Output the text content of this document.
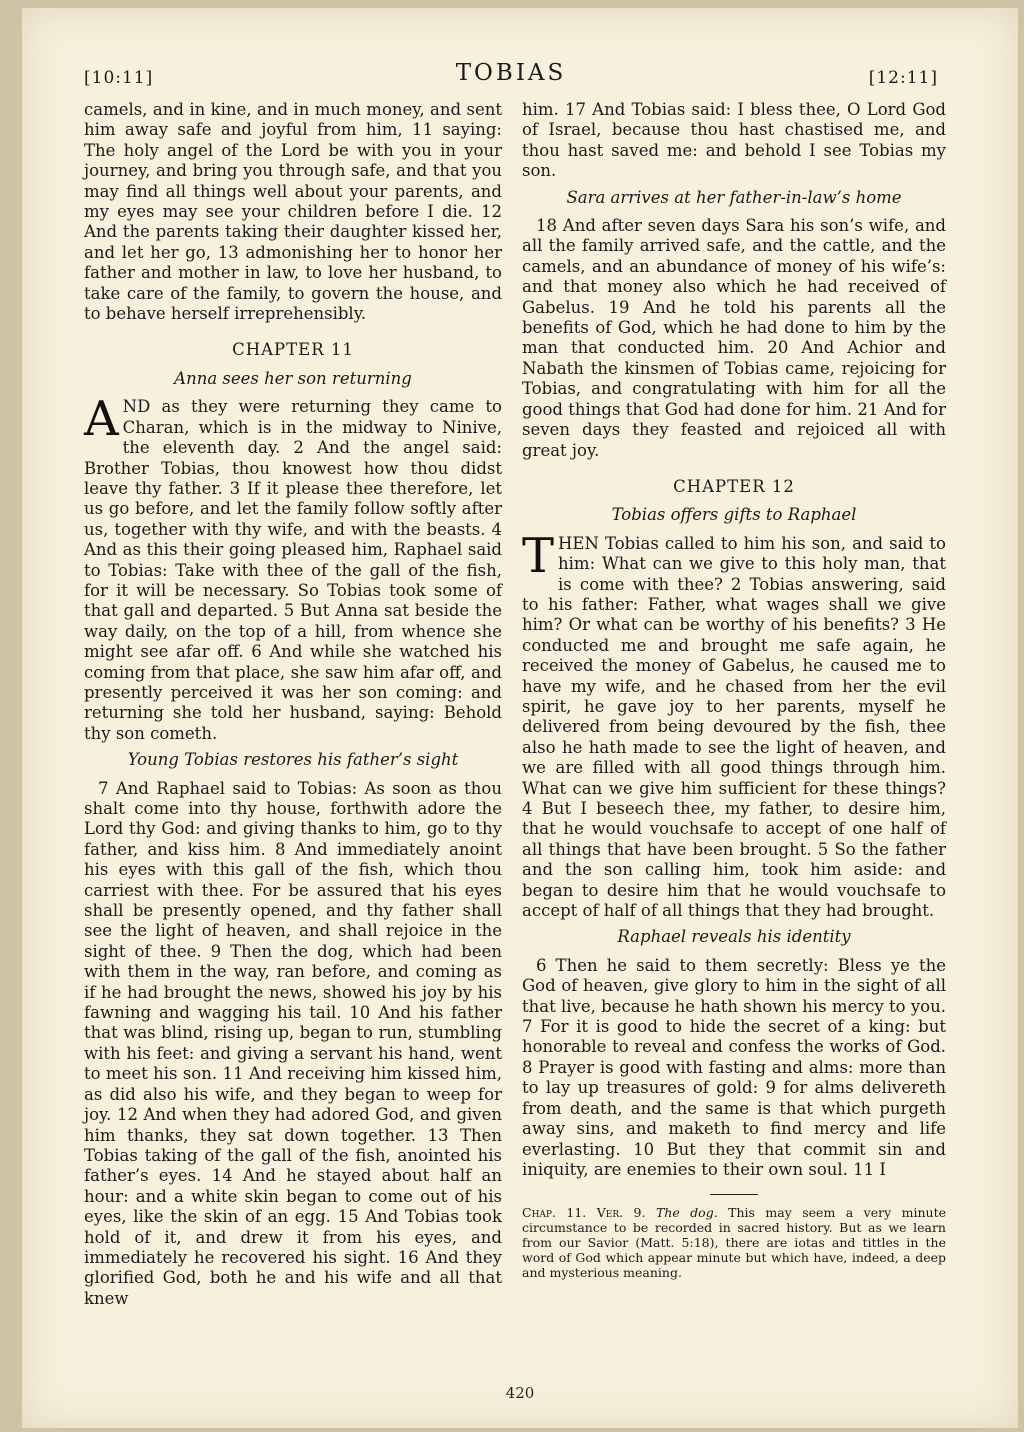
[10:11]	TOBIAS	[12:11]

camels, and in kine, and in much money, and sent him away safe and joyful from him, 11 saying: The holy angel of the Lord be with you in your journey, and bring you through safe, and that you may find all things well about your parents, and my eyes may see your children before I die. 12 And the parents taking their daughter kissed her, and let her go, 13 admonishing her to honor her father and mother in law, to love her husband, to take care of the family, to govern the house, and to behave herself irreprehensibly.

CHAPTER 11
Anna sees her son returning

AND as they were returning they came to Charan, which is in the midway to Ninive, the eleventh day. 2 And the angel said: Brother Tobias, thou knowest how thou didst leave thy father. 3 If it please thee therefore, let us go before, and let the family follow softly after us, together with thy wife, and with the beasts. 4 And as this their going pleased him, Raphael said to Tobias: Take with thee of the gall of the fish, for it will be necessary. So Tobias took some of that gall and departed. 5 But Anna sat beside the way daily, on the top of a hill, from whence she might see afar off. 6 And while she watched his coming from that place, she saw him afar off, and presently perceived it was her son coming: and returning she told her husband, saying: Behold thy son cometh.

Young Tobias restores his father’s sight

7 And Raphael said to Tobias: As soon as thou shalt come into thy house, forthwith adore the Lord thy God: and giving thanks to him, go to thy father, and kiss him. 8 And immediately anoint his eyes with this gall of the fish, which thou carriest with thee. For be assured that his eyes shall be presently opened, and thy father shall see the light of heaven, and shall rejoice in the sight of thee. 9 Then the dog, which had been with them in the way, ran before, and coming as if he had brought the news, showed his joy by his fawning and wagging his tail. 10 And his father that was blind, rising up, began to run, stumbling with his feet: and giving a servant his hand, went to meet his son. 11 And receiving him kissed him, as did also his wife, and they began to weep for joy. 12 And when they had adored God, and given him thanks, they sat down together. 13 Then Tobias taking of the gall of the fish, anointed his father’s eyes. 14 And he stayed about half an hour: and a white skin began to come out of his eyes, like the skin of an egg. 15 And Tobias took hold of it, and drew it from his eyes, and immediately he recovered his sight. 16 And they glorified God, both he and his wife and all that knew

him. 17 And Tobias said: I bless thee, O Lord God of Israel, because thou hast chastised me, and thou hast saved me: and behold I see Tobias my son.

Sara arrives at her father-in-law’s home

18 And after seven days Sara his son’s wife, and all the family arrived safe, and the cattle, and the camels, and an abundance of money of his wife’s: and that money also which he had received of Gabelus. 19 And he told his parents all the benefits of God, which he had done to him by the man that conducted him. 20 And Achior and Nabath the kinsmen of Tobias came, rejoicing for Tobias, and congratulating with him for all the good things that God had done for him. 21 And for seven days they feasted and rejoiced all with great joy.

CHAPTER 12
Tobias offers gifts to Raphael

THEN Tobias called to him his son, and said to him: What can we give to this holy man, that is come with thee? 2 Tobias answering, said to his father: Father, what wages shall we give him? Or what can be worthy of his benefits? 3 He conducted me and brought me safe again, he received the money of Gabelus, he caused me to have my wife, and he chased from her the evil spirit, he gave joy to her parents, myself he delivered from being devoured by the fish, thee also he hath made to see the light of heaven, and we are filled with all good things through him. What can we give him sufficient for these things? 4 But I beseech thee, my father, to desire him, that he would vouchsafe to accept of one half of all things that have been brought. 5 So the father and the son calling him, took him aside: and began to desire him that he would vouchsafe to accept of half of all things that they had brought.

Raphael reveals his identity

6 Then he said to them secretly: Bless ye the God of heaven, give glory to him in the sight of all that live, because he hath shown his mercy to you. 7 For it is good to hide the secret of a king: but honorable to reveal and confess the works of God. 8 Prayer is good with fasting and alms: more than to lay up treasures of gold: 9 for alms delivereth from death, and the same is that which purgeth away sins, and maketh to find mercy and life everlasting. 10 But they that commit sin and iniquity, are enemies to their own soul. 11 I

Chap. 11. Ver. 9. The dog. This may seem a very minute circumstance to be recorded in sacred history. But as we learn from our Savior (Matt. 5:18), there are iotas and tittles in the word of God which appear minute but which have, indeed, a deep and mysterious meaning.

420
